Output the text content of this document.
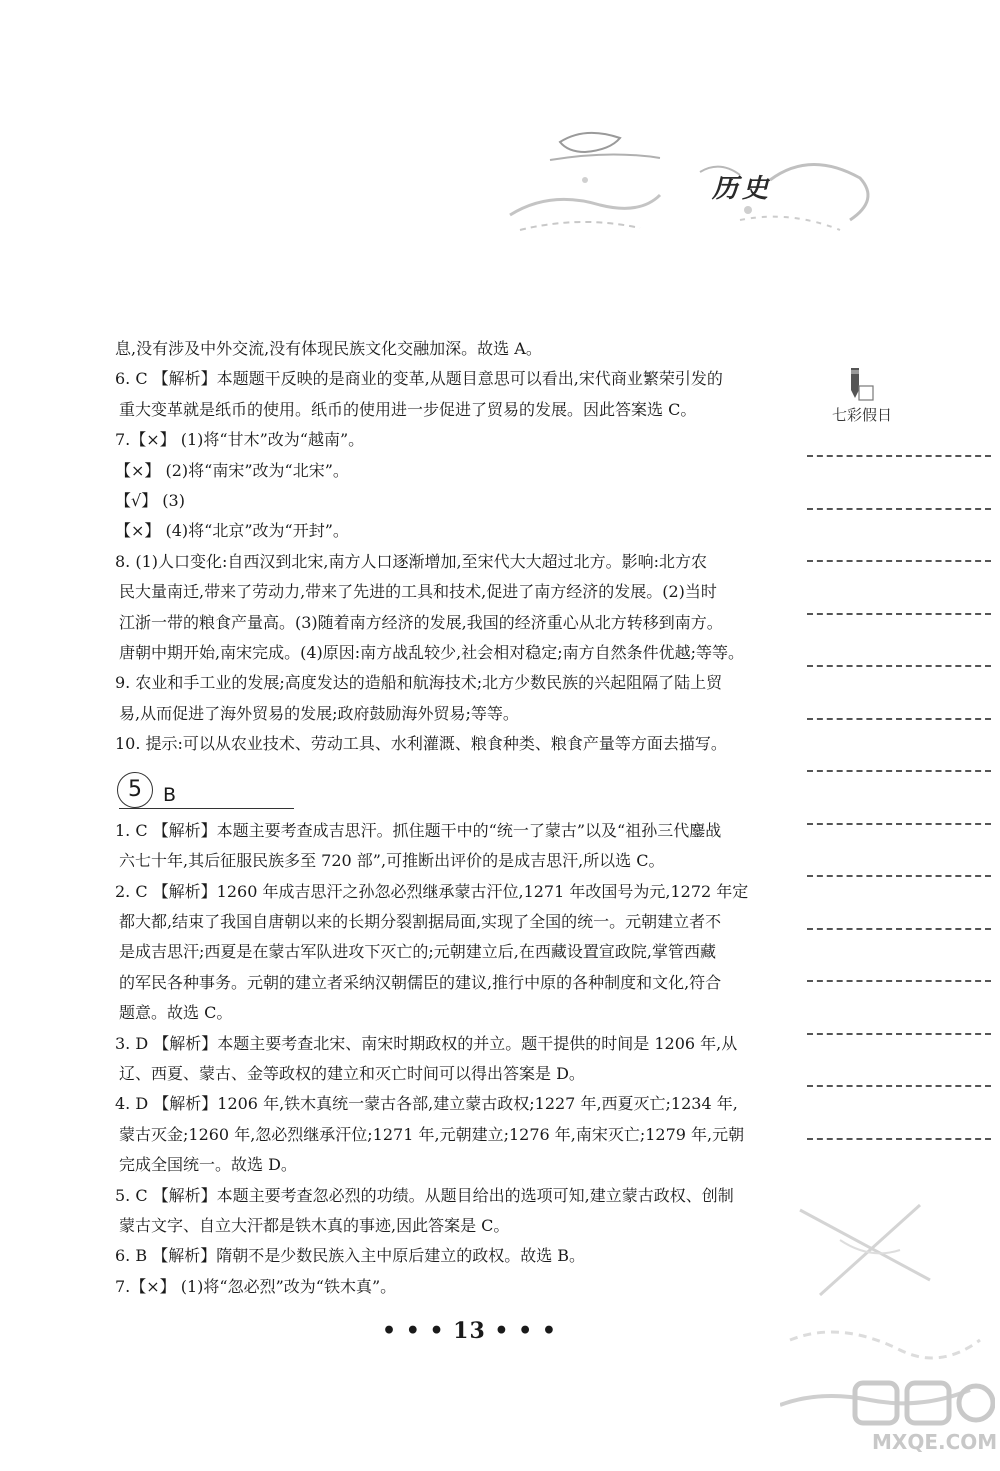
历史
息,没有涉及中外交流,没有体现民族文化交融加深。故选 A。
6. C 【解析】本题题干反映的是商业的变革,从题目意思可以看出,宋代商业繁荣引发的
重大变革就是纸币的使用。纸币的使用进一步促进了贸易的发展。因此答案选 C。
7.【×】 (1)将“甘木”改为“越南”。
【×】 (2)将“南宋”改为“北宋”。
【√】 (3)
【×】 (4)将“北京”改为“开封”。
8. (1)人口变化:自西汉到北宋,南方人口逐渐增加,至宋代大大超过北方。影响:北方农
民大量南迁,带来了劳动力,带来了先进的工具和技术,促进了南方经济的发展。(2)当时
江浙一带的粮食产量高。(3)随着南方经济的发展,我国的经济重心从北方转移到南方。
唐朝中期开始,南宋完成。(4)原因:南方战乱较少,社会相对稳定;南方自然条件优越;等等。
9. 农业和手工业的发展;高度发达的造船和航海技术;北方少数民族的兴起阻隔了陆上贸
易,从而促进了海外贸易的发展;政府鼓励海外贸易;等等。
10. 提示:可以从农业技术、劳动工具、水利灌溉、粮食种类、粮食产量等方面去描写。
5	B
1. C 【解析】本题主要考查成吉思汗。抓住题干中的“统一了蒙古”以及“祖孙三代鏖战
六七十年,其后征服民族多至 720 部”,可推断出评价的是成吉思汗,所以选 C。
2. C 【解析】1260 年成吉思汗之孙忽必烈继承蒙古汗位,1271 年改国号为元,1272 年定
都大都,结束了我国自唐朝以来的长期分裂割据局面,实现了全国的统一。元朝建立者不
是成吉思汗;西夏是在蒙古军队进攻下灭亡的;元朝建立后,在西藏设置宣政院,掌管西藏
的军民各种事务。元朝的建立者采纳汉朝儒臣的建议,推行中原的各种制度和文化,符合
题意。故选 C。
3. D 【解析】本题主要考查北宋、南宋时期政权的并立。题干提供的时间是 1206 年,从
辽、西夏、蒙古、金等政权的建立和灭亡时间可以得出答案是 D。
4. D 【解析】1206 年,铁木真统一蒙古各部,建立蒙古政权;1227 年,西夏灭亡;1234 年,
蒙古灭金;1260 年,忽必烈继承汗位;1271 年,元朝建立;1276 年,南宋灭亡;1279 年,元朝
完成全国统一。故选 D。
5. C 【解析】本题主要考查忽必烈的功绩。从题目给出的选项可知,建立蒙古政权、创制
蒙古文字、自立大汗都是铁木真的事迹,因此答案是 C。
6. B 【解析】隋朝不是少数民族入主中原后建立的政权。故选 B。
7.【×】 (1)将“忽必烈”改为“铁木真”。
七彩假日
• • • 13 • • •
MXQE.COM
